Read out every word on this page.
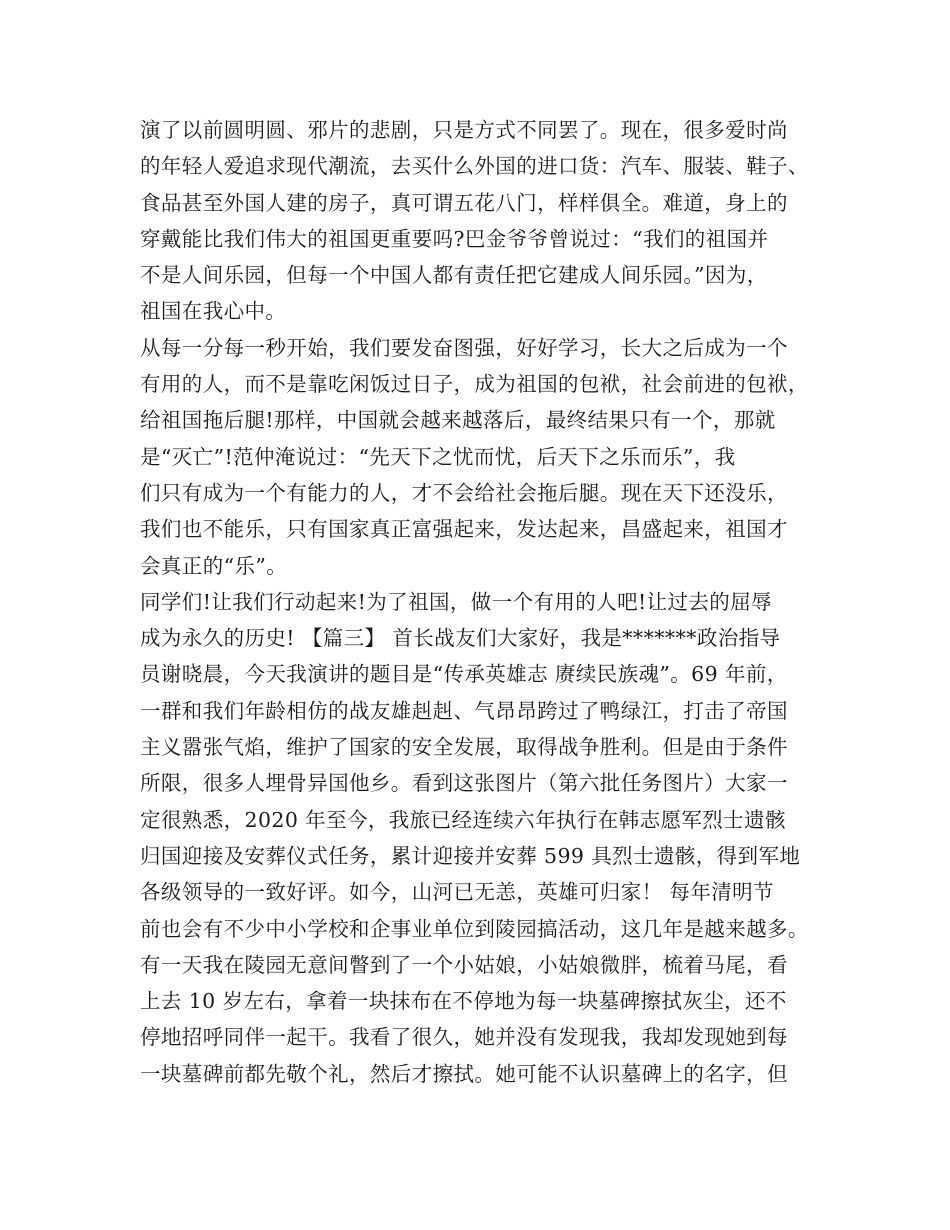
演了以前圆明圆、邪片的悲剧，只是方式不同罢了。现在，很多爱时尚
的年轻人爱追求现代潮流，去买什么外国的进口货：汽车、服装、鞋子、
食品甚至外国人建的房子，真可谓五花八门，样样俱全。难道，身上的
穿戴能比我们伟大的祖国更重要吗?巴金爷爷曾说过：“我们的祖国并
不是人间乐园，但每一个中国人都有责任把它建成人间乐园。”因为，
祖国在我心中。
从每一分每一秒开始，我们要发奋图强，好好学习，长大之后成为一个
有用的人，而不是靠吃闲饭过日子，成为祖国的包袱，社会前进的包袱，
给祖国拖后腿!那样，中国就会越来越落后，最终结果只有一个，那就
是“灭亡”!范仲淹说过：“先天下之忧而忧，后天下之乐而乐”，我
们只有成为一个有能力的人，才不会给社会拖后腿。现在天下还没乐，
我们也不能乐，只有国家真正富强起来，发达起来，昌盛起来，祖国才
会真正的“乐”。
同学们!让我们行动起来!为了祖国，做一个有用的人吧!让过去的屈辱
成为永久的历史! 【篇三】 首长战友们大家好，我是*******政治指导
员谢晓晨，今天我演讲的题目是“传承英雄志 赓续民族魂”。69 年前，
一群和我们年龄相仿的战友雄赳赳、气昂昂跨过了鸭绿江，打击了帝国
主义嚣张气焰，维护了国家的安全发展，取得战争胜利。但是由于条件
所限，很多人埋骨异国他乡。看到这张图片（第六批任务图片）大家一
定很熟悉，2020 年至今，我旅已经连续六年执行在韩志愿军烈士遗骸
归国迎接及安葬仪式任务，累计迎接并安葬 599 具烈士遗骸，得到军地
各级领导的一致好评。如今，山河已无恙，英雄可归家！ 每年清明节
前也会有不少中小学校和企事业单位到陵园搞活动，这几年是越来越多。
有一天我在陵园无意间瞥到了一个小姑娘，小姑娘微胖，梳着马尾，看
上去 10 岁左右，拿着一块抹布在不停地为每一块墓碑擦拭灰尘，还不
停地招呼同伴一起干。我看了很久，她并没有发现我，我却发现她到每
一块墓碑前都先敬个礼，然后才擦拭。她可能不认识墓碑上的名字，但
